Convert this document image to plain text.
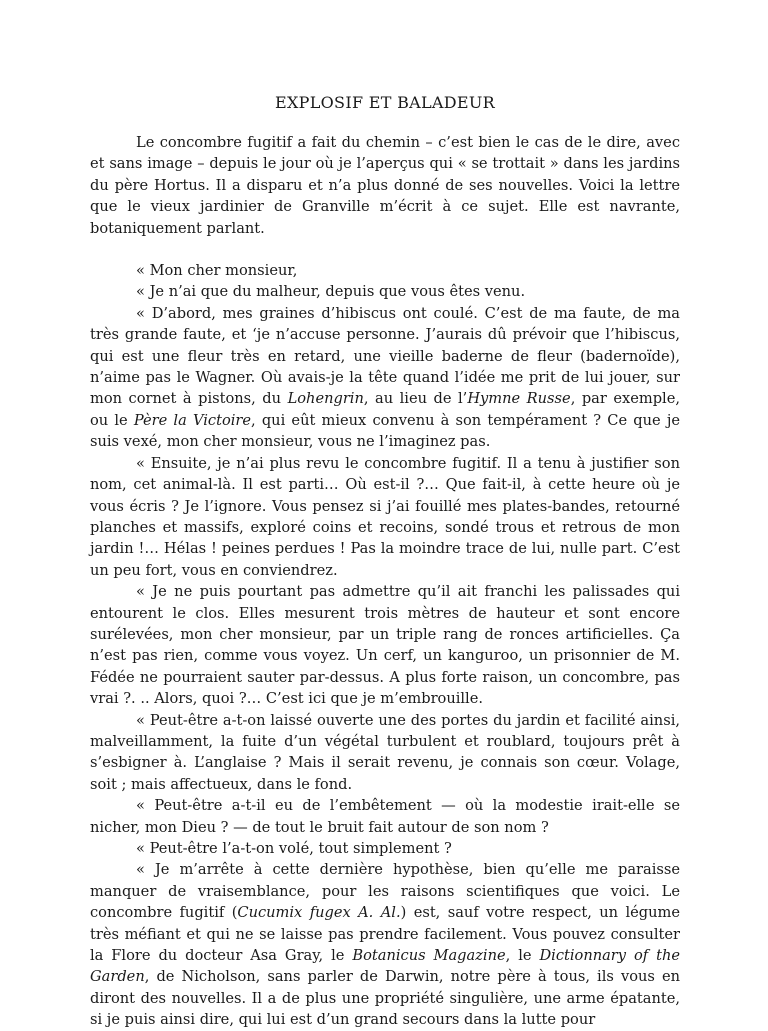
EXPLOSIF ET BALADEUR

Le concombre fugitif a fait du chemin – c’est bien le cas de le dire, avec et sans image – depuis le jour où je l’aperçus qui « se trottait » dans les jardins du père Hortus. Il a disparu et n’a plus donné de ses nouvelles. Voici la lettre que le vieux jardinier de Granville m’écrit à ce sujet. Elle est navrante, botaniquement parlant.

« Mon cher monsieur,

« Je n’ai que du malheur, depuis que vous êtes venu.

« D’abord, mes graines d’hibiscus ont coulé. C’est de ma faute, de ma très grande faute, et ‘je n’accuse personne. J’aurais dû prévoir que l’hibiscus, qui est une fleur très en retard, une vieille baderne de fleur (badernoïde), n’aime pas le Wagner. Où avais-je la tête quand l’idée me prit de lui jouer, sur mon cornet à pistons, du Lohengrin, au lieu de l’Hymne Russe, par exemple, ou le Père la Victoire, qui eût mieux convenu à son tempérament ? Ce que je suis vexé, mon cher monsieur, vous ne l’imaginez pas.

« Ensuite, je n’ai plus revu le concombre fugitif. Il a tenu à justifier son nom, cet animal-là. Il est parti… Où est-il ?… Que fait-il, à cette heure où je vous écris ? Je l’ignore. Vous pensez si j’ai fouillé mes plates-bandes, retourné planches et massifs, exploré coins et recoins, sondé trous et retrous de mon jardin !… Hélas ! peines perdues ! Pas la moindre trace de lui, nulle part. C’est un peu fort, vous en conviendrez.

« Je ne puis pourtant pas admettre qu’il ait franchi les palissades qui entourent le clos. Elles mesurent trois mètres de hauteur et sont encore surélevées, mon cher monsieur, par un triple rang de ronces artificielles. Ça n’est pas rien, comme vous voyez. Un cerf, un kanguroo, un prisonnier de M. Fédée ne pourraient sauter par-dessus. A plus forte raison, un concombre, pas vrai ?. .. Alors, quoi ?… C’est ici que je m’embrouille.

« Peut-être a-t-on laissé ouverte une des portes du jardin et facilité ainsi, malveillamment, la fuite d’un végétal turbulent et roublard, toujours prêt à s’esbigner à. L’anglaise ? Mais il serait revenu, je connais son cœur. Volage, soit ; mais affectueux, dans le fond.

« Peut-être a-t-il eu de l’embêtement — où la modestie irait-elle se nicher, mon Dieu ? — de tout le bruit fait autour de son nom ?

« Peut-être l’a-t-on volé, tout simplement ?

« Je m’arrête à cette dernière hypothèse, bien qu’elle me paraisse manquer de vraisemblance, pour les raisons scientifiques que voici. Le concombre fugitif (Cucumix fugex A. Al.) est, sauf votre respect, un légume très méfiant et qui ne se laisse pas prendre facilement. Vous pouvez consulter la Flore du docteur Asa Gray, le Botanicus Magazine, le Dictionnary of the Garden, de Nicholson, sans parler de Darwin, notre père à tous, ils vous en diront des nouvelles. Il a de plus une propriété singulière, une arme épatante, si je puis ainsi dire, qui lui est d’un grand secours dans la lutte pour
